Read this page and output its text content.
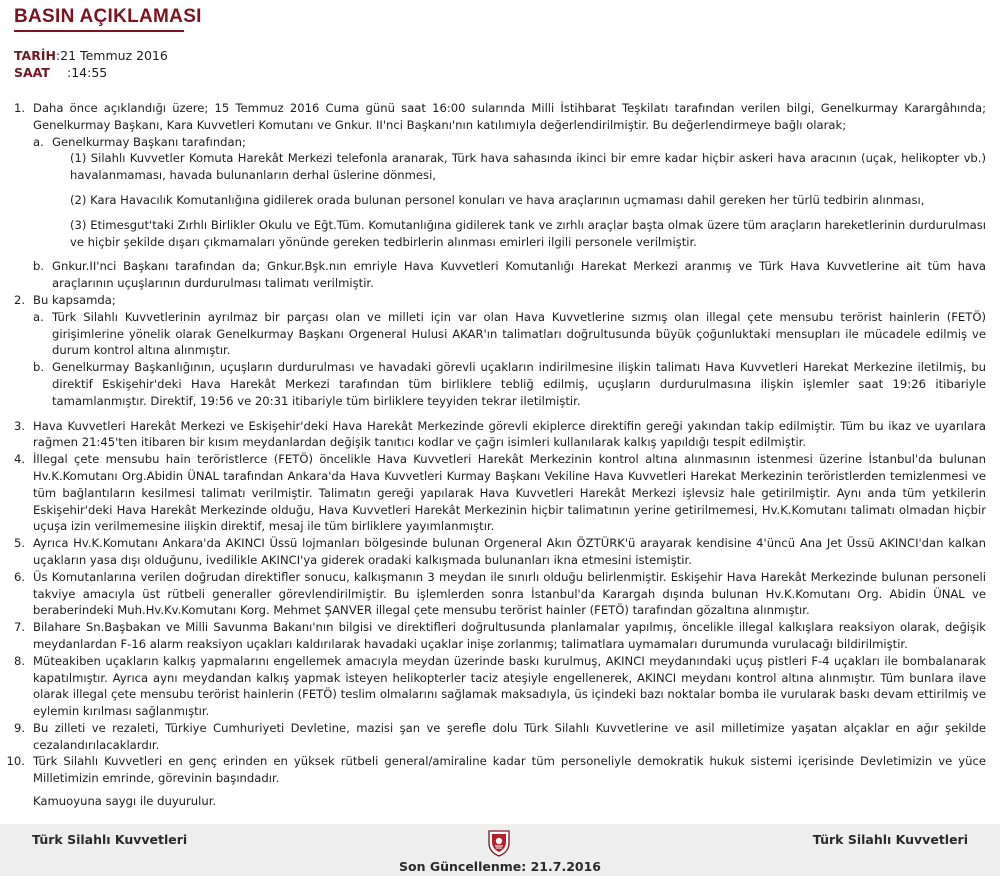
BASIN AÇIKLAMASI
TARİH:21 Temmuz 2016
SAAT :14:55
1. Daha önce açıklandığı üzere; 15 Temmuz 2016 Cuma günü saat 16:00 sularında Milli İstihbarat Teşkilatı tarafından verilen bilgi, Genelkurmay Karargâhında; Genelkurmay Başkanı, Kara Kuvvetleri Komutanı ve Gnkur. II'nci Başkanı'nın katılımıyla değerlendirilmiştir. Bu değerlendirmeye bağlı olarak;
a. Genelkurmay Başkanı tarafından;
(1) Silahlı Kuvvetler Komuta Harekât Merkezi telefonla aranarak, Türk hava sahasında ikinci bir emre kadar hiçbir askeri hava aracının (uçak, helikopter vb.) havalanmaması, havada bulunanların derhal üslerine dönmesi,
(2) Kara Havacılık Komutanlığına gidilerek orada bulunan personel konuları ve hava araçlarının uçmaması dahil gereken her türlü tedbirin alınması,
(3) Etimesgut'taki Zırhlı Birlikler Okulu ve Eğt.Tüm. Komutanlığına gidilerek tank ve zırhlı araçlar başta olmak üzere tüm araçların hareketlerinin durdurulması ve hiçbir şekilde dışarı çıkmamaları yönünde gereken tedbirlerin alınması emirleri ilgili personele verilmiştir.
b. Gnkur.II'nci Başkanı tarafından da; Gnkur.Bşk.nın emriyle Hava Kuvvetleri Komutanlığı Harekat Merkezi aranmış ve Türk Hava Kuvvetlerine ait tüm hava araçlarının uçuşlarının durdurulması talimatı verilmiştir.
2. Bu kapsamda;
a. Türk Silahlı Kuvvetlerinin ayrılmaz bir parçası olan ve milleti için var olan Hava Kuvvetlerine sızmış olan illegal çete mensubu terörist hainlerin (FETÖ) girişimlerine yönelik olarak Genelkurmay Başkanı Orgeneral Hulusi AKAR'ın talimatları doğrultusunda büyük çoğunluktaki mensupları ile mücadele edilmiş ve durum kontrol altına alınmıştır.
b. Genelkurmay Başkanlığının, uçuşların durdurulması ve havadaki görevli uçakların indirilmesine ilişkin talimatı Hava Kuvvetleri Harekat Merkezine iletilmiş, bu direktif Eskişehir'deki Hava Harekât Merkezi tarafından tüm birliklere tebliğ edilmiş, uçuşların durdurulmasına ilişkin işlemler saat 19:26 itibariyle tamamlanmıştır. Direktif, 19:56 ve 20:31 itibariyle tüm birliklere teyyiden tekrar iletilmiştir.
3. Hava Kuvvetleri Harekât Merkezi ve Eskişehir'deki Hava Harekât Merkezinde görevli ekiplerce direktifin gereği yakından takip edilmiştir. Tüm bu ikaz ve uyarılara rağmen 21:45'ten itibaren bir kısım meydanlardan değişik tanıtıcı kodlar ve çağrı isimleri kullanılarak kalkış yapıldığı tespit edilmiştir.
4. İllegal çete mensubu hain teröristlerce (FETÖ) öncelikle Hava Kuvvetleri Harekât Merkezinin kontrol altına alınmasının istenmesi üzerine İstanbul'da bulunan Hv.K.Komutanı Org.Abidin ÜNAL tarafından Ankara'da Hava Kuvvetleri Kurmay Başkanı Vekiline Hava Kuvvetleri Harekat Merkezinin teröristlerden temizlenmesi ve tüm bağlantıların kesilmesi talimatı verilmiştir. Talimatın gereği yapılarak Hava Kuvvetleri Harekât Merkezi işlevsiz hale getirilmiştir. Aynı anda tüm yetkilerin Eskişehir'deki Hava Harekât Merkezinde olduğu, Hava Kuvvetleri Harekât Merkezinin hiçbir talimatının yerine getirilmemesi, Hv.K.Komutanı talimatı olmadan hiçbir uçuşa izin verilmemesine ilişkin direktif, mesaj ile tüm birliklere yayımlanmıştır.
5. Ayrıca Hv.K.Komutanı Ankara'da AKINCI Üssü lojmanları bölgesinde bulunan Orgeneral Akın ÖZTÜRK'ü arayarak kendisine 4'üncü Ana Jet Üssü AKINCI'dan kalkan uçakların yasa dışı olduğunu, ivedilikle AKINCI'ya giderek oradaki kalkışmada bulunanları ikna etmesini istemiştir.
6. Üs Komutanlarına verilen doğrudan direktifler sonucu, kalkışmanın 3 meydan ile sınırlı olduğu belirlenmiştir. Eskişehir Hava Harekât Merkezinde bulunan personeli takviye amacıyla üst rütbeli generaller görevlendirilmiştir. Bu işlemlerden sonra İstanbul'da Karargah dışında bulunan Hv.K.Komutanı Org. Abidin ÜNAL ve beraberindeki Muh.Hv.Kv.Komutanı Korg. Mehmet ŞANVER illegal çete mensubu terörist hainler (FETÖ) tarafından gözaltına alınmıştır.
7. Bilahare Sn.Başbakan ve Milli Savunma Bakanı'nın bilgisi ve direktifleri doğrultusunda planlamalar yapılmış, öncelikle illegal kalkışlara reaksiyon olarak, değişik meydanlardan F-16 alarm reaksiyon uçakları kaldırılarak havadaki uçaklar inişe zorlanmış; talimatlara uymamaları durumunda vurulacağı bildirilmiştir.
8. Müteakiben uçakların kalkış yapmalarını engellemek amacıyla meydan üzerinde baskı kurulmuş, AKINCI meydanındaki uçuş pistleri F-4 uçakları ile bombalanarak kapatılmıştır. Ayrıca aynı meydandan kalkış yapmak isteyen helikopterler taciz ateşiyle engellenerek, AKINCI meydanı kontrol altına alınmıştır. Tüm bunlara ilave olarak illegal çete mensubu terörist hainlerin (FETÖ) teslim olmalarını sağlamak maksadıyla, üs içindeki bazı noktalar bomba ile vurularak baskı devam ettirilmiş ve eylemin kırılması sağlanmıştır.
9. Bu zilleti ve rezaleti, Türkiye Cumhuriyeti Devletine, mazisi şan ve şerefle dolu Türk Silahlı Kuvvetlerine ve asil milletimize yaşatan alçaklar en ağır şekilde cezalandırılacaklardır.
10. Türk Silahlı Kuvvetleri en genç erinden en yüksek rütbeli general/amiraline kadar tüm personeliyle demokratik hukuk sistemi içerisinde Devletimizin ve yüce Milletimizin emrinde, görevinin başındadır.
Kamuoyuna saygı ile duyurulur.
Türk Silahlı Kuvvetleri	Türk Silahlı Kuvvetleri
Son Güncellenme: 21.7.2016
